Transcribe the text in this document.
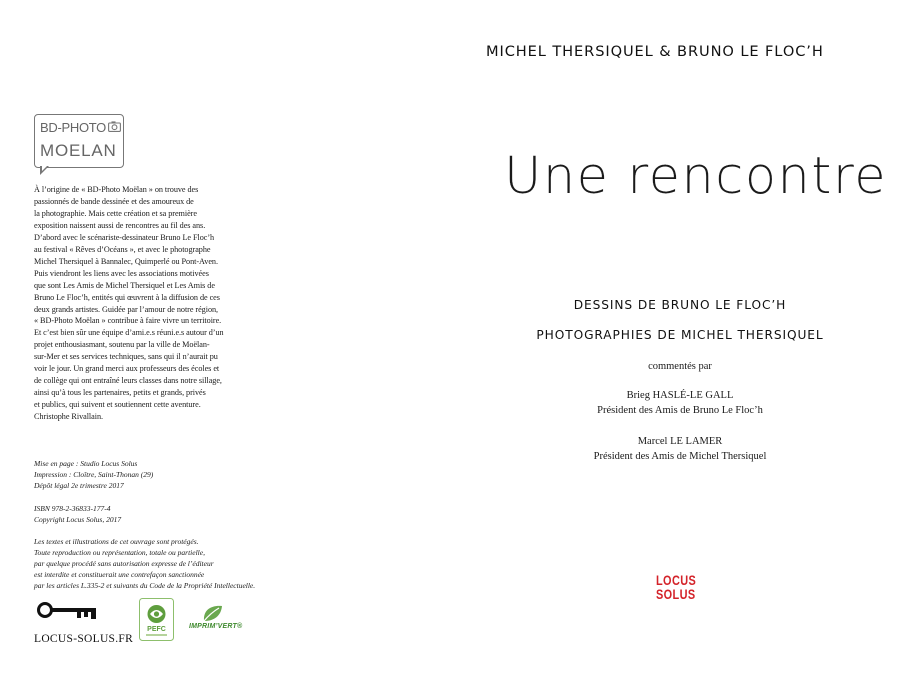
BD-PHOTO
MOELAN

À l’origine de « BD-Photo Moëlan » on trouve des
passionnés de bande dessinée et des amoureux de
la photographie. Mais cette création et sa première
exposition naissent aussi de rencontres au fil des ans.
D’abord avec le scénariste-dessinateur Bruno Le Floc’h
au festival « Rêves d’Océans », et avec le photographe
Michel Thersiquel à Bannalec, Quimperlé ou Pont-Aven.
Puis viendront les liens avec les associations motivées
que sont Les Amis de Michel Thersiquel et Les Amis de
Bruno Le Floc’h, entités qui œuvrent à la diffusion de ces
deux grands artistes. Guidée par l’amour de notre région,
« BD-Photo Moëlan » contribue à faire vivre un territoire.
Et c’est bien sûr une équipe d’ami.e.s réuni.e.s autour d’un
projet enthousiasmant, soutenu par la ville de Moëlan-
sur-Mer et ses services techniques, sans qui il n’aurait pu
voir le jour. Un grand merci aux professeurs des écoles et
de collège qui ont entraîné leurs classes dans notre sillage,
ainsi qu’à tous les partenaires, petits et grands, privés
et publics, qui suivent et soutiennent cette aventure.
Christophe Rivallain.

Mise en page : Studio Locus Solus
Impression : Cloître, Saint-Thonan (29)
Dépôt légal 2e trimestre 2017
ISBN 978-2-36833-177-4
Copyright Locus Solus, 2017
Les textes et illustrations de cet ouvrage sont protégés.
Toute reproduction ou représentation, totale ou partielle,
par quelque procédé sans autorisation expresse de l’éditeur
est interdite et constituerait une contrefaçon sanctionnée
par les articles L.335-2 et suivants du Code de la Propriété Intellectuelle.
PEFC	IMPRIM’VERT®
LOCUS-SOLUS.FR
MICHEL THERSIQUEL & BRUNO LE FLOC’H
Une rencontre
DESSINS DE BRUNO LE FLOC’H
PHOTOGRAPHIES DE MICHEL THERSIQUEL
commentés par
Brieg HASLÉ-LE GALL
Président des Amis de Bruno Le Floc’h
Marcel LE LAMER
Président des Amis de Michel Thersiquel
LOCUS
SOLUS
